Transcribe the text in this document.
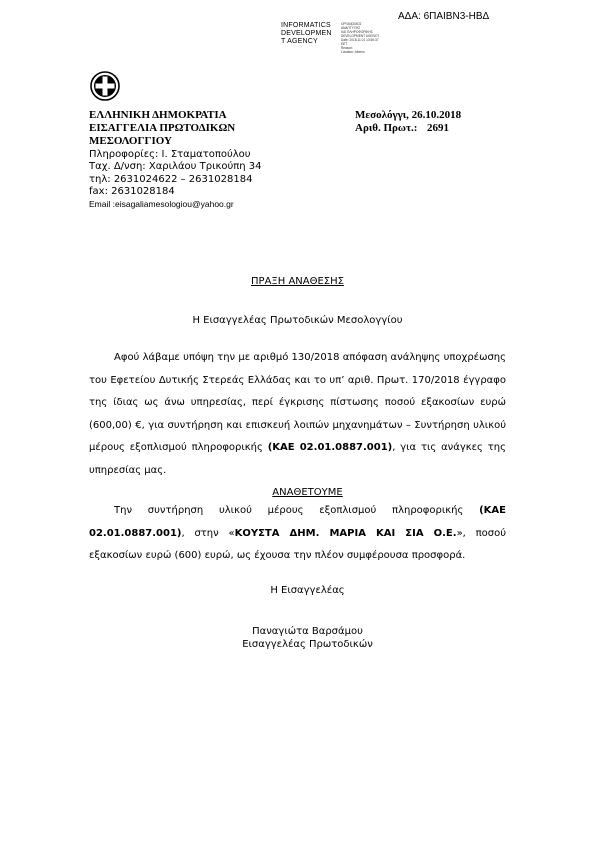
ΑΔΑ: 6ΠΑΙΒΝ3-ΗΒΔ
INFORMATICS
DEVELOPMEN
T AGENCY
ΟΡΓΑΝΙΣΜΟΣ
ΑΝΑΠΤΥΞΗΣ
ΚΑΙ ΠΛΗΡΟΦΟΡΙΚΗΣ
DEVELOPMENT AGENCY
Date: 2018.11.01 13:56:37
EET
Reason:
Location: Athens
ΕΛΛΗΝΙΚΗ ΔΗΜΟΚΡΑΤΙΑ
ΕΙΣΑΓΓΕΛΙΑ ΠΡΩΤΟΔΙΚΩΝ
ΜΕΣΟΛΟΓΓΙΟΥ
Μεσολόγγι, 26.10.2018
Αριθ. Πρωτ.: 2691
Πληροφορίες: Ι. Σταματοπούλου
Ταχ. Δ/νση: Χαριλάου Τρικούπη 34
τηλ: 2631024622 – 2631028184
fax: 2631028184
Email :eisagaliamesologiou@yahoo.gr
ΠΡΑΞΗ ΑΝΑΘΕΣΗΣ
Η Εισαγγελέας Πρωτοδικών Μεσολογγίου
Αφού λάβαμε υπόψη την με αριθμό 130/2018 απόφαση ανάληψης υποχρέωσης του Εφετείου Δυτικής Στερεάς Ελλάδας και το υπ’ αριθ. Πρωτ. 170/2018 έγγραφο της ίδιας ως άνω υπηρεσίας, περί έγκρισης πίστωσης ποσού εξακοσίων ευρώ (600,00) €, για συντήρηση και επισκευή λοιπών μηχανημάτων – Συντήρηση υλικού μέρους εξοπλισμού πληροφορικής (ΚΑΕ 02.01.0887.001), για τις ανάγκες της υπηρεσίας μας.
ΑΝΑΘΕΤΟΥΜΕ
Την συντήρηση υλικού μέρους εξοπλισμού πληροφορικής (ΚΑΕ 02.01.0887.001), στην «ΚΟΥΣΤΑ ΔΗΜ. ΜΑΡΙΑ ΚΑΙ ΣΙΑ Ο.Ε.», ποσού εξακοσίων ευρώ (600) ευρώ, ως έχουσα την πλέον συμφέρουσα προσφορά.
Η Εισαγγελέας
Παναγιώτα Βαρσάμου
Εισαγγελέας Πρωτοδικών
